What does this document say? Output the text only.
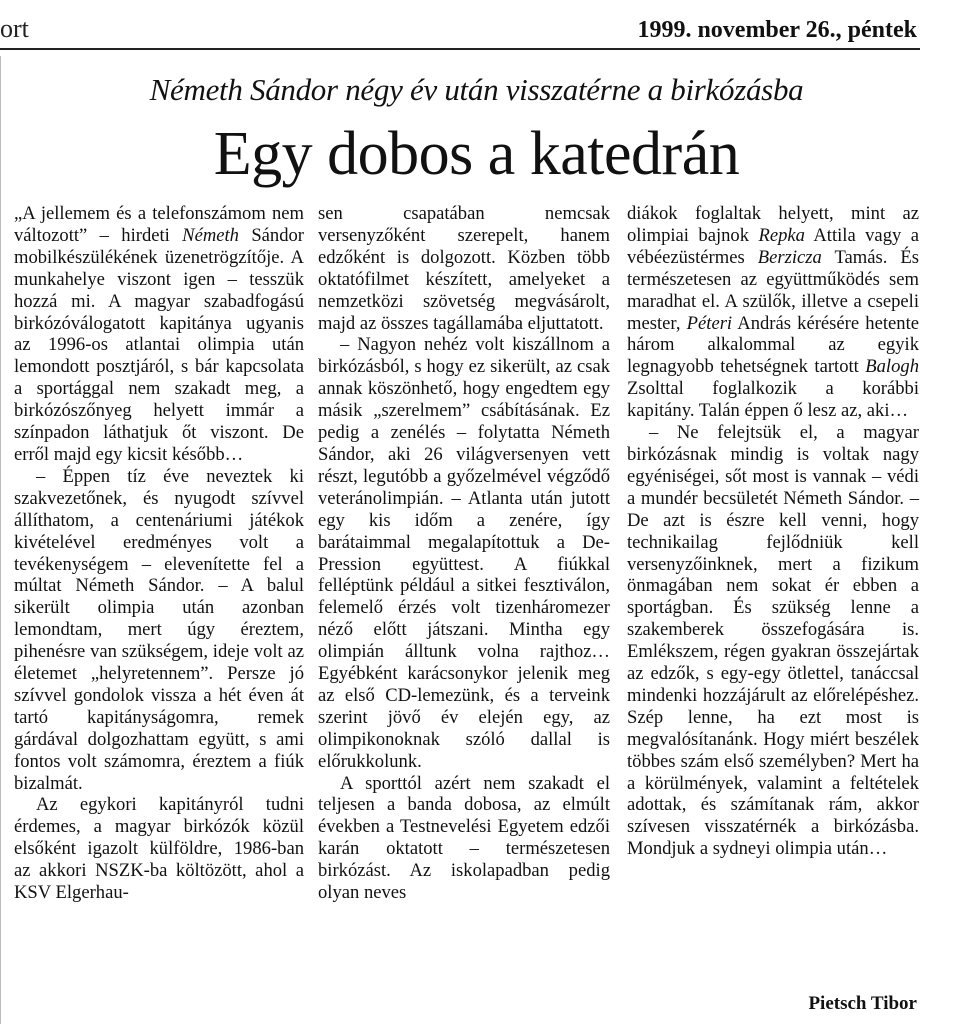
ort	1999. november 26., péntek
Németh Sándor négy év után visszatérne a birkózásba
Egy dobos a katedrán

„A jellemem és a telefonszámom nem változott” – hirdeti Németh Sándor mobilkészülékének üzenetrögzítője. A munkahelye viszont igen – tesszük hozzá mi. A magyar szabadfogású birkózóválogatott kapitánya ugyanis az 1996-os atlantai olimpia után lemondott posztjáról, s bár kapcsolata a sportággal nem szakadt meg, a birkózószőnyeg helyett immár a színpadon láthatjuk őt viszont. De erről majd egy kicsit később…

– Éppen tíz éve neveztek ki szakvezetőnek, és nyugodt szívvel állíthatom, a centenáriumi játékok kivételével eredményes volt a tevékenységem – elevenítette fel a múltat Németh Sándor. – A balul sikerült olimpia után azonban lemondtam, mert úgy éreztem, pihenésre van szükségem, ideje volt az életemet „helyretennem”. Persze jó szívvel gondolok vissza a hét éven át tartó kapitányságomra, remek gárdával dolgozhattam együtt, s ami fontos volt számomra, éreztem a fiúk bizalmát.

Az egykori kapitányról tudni érdemes, a magyar birkózók közül elsőként igazolt külföldre, 1986-ban az akkori NSZK-ba költözött, ahol a KSV Elgerhau-

sen csapatában nemcsak versenyzőként szerepelt, hanem edzőként is dolgozott. Közben több oktatófilmet készített, amelyeket a nemzetközi szövetség megvásárolt, majd az összes tagállamába eljuttatott.

– Nagyon nehéz volt kiszállnom a birkózásból, s hogy ez sikerült, az csak annak köszönhető, hogy engedtem egy másik „szerelmem” csábításának. Ez pedig a zenélés – folytatta Németh Sándor, aki 26 világversenyen vett részt, legutóbb a győzelmével végződő veteránolimpián. – Atlanta után jutott egy kis időm a zenére, így barátaimmal megalapítottuk a De-Pression együttest. A fiúkkal felléptünk például a sitkei fesztiválon, felemelő érzés volt tizenháromezer néző előtt játszani. Mintha egy olimpián álltunk volna rajthoz… Egyébként karácsonykor jelenik meg az első CD-lemezünk, és a terveink szerint jövő év elején egy, az olimpikonoknak szóló dallal is előrukkolunk.

A sporttól azért nem szakadt el teljesen a banda dobosa, az elmúlt években a Testnevelési Egyetem edzői karán oktatott – természetesen birkózást. Az iskolapadban pedig olyan neves

diákok foglaltak helyett, mint az olimpiai bajnok Repka Attila vagy a vébéezüstérmes Berzicza Tamás. És természetesen az együttműködés sem maradhat el. A szülők, illetve a csepeli mester, Péteri András kérésére hetente három alkalommal az egyik legnagyobb tehetségnek tartott Balogh Zsolttal foglalkozik a korábbi kapitány. Talán éppen ő lesz az, aki…

– Ne felejtsük el, a magyar birkózásnak mindig is voltak nagy egyéniségei, sőt most is vannak – védi a mundér becsületét Németh Sándor. – De azt is észre kell venni, hogy technikailag fejlődniük kell versenyzőinknek, mert a fizikum önmagában nem sokat ér ebben a sportágban. És szükség lenne a szakemberek összefogására is. Emlékszem, régen gyakran összejártak az edzők, s egy-egy ötlettel, tanáccsal mindenki hozzájárult az előrelépéshez. Szép lenne, ha ezt most is megvalósítanánk. Hogy miért beszélek többes szám első személyben? Mert ha a körülmények, valamint a feltételek adottak, és számítanak rám, akkor szívesen visszatérnék a birkózásba. Mondjuk a sydneyi olimpia után…

Pietsch Tibor
